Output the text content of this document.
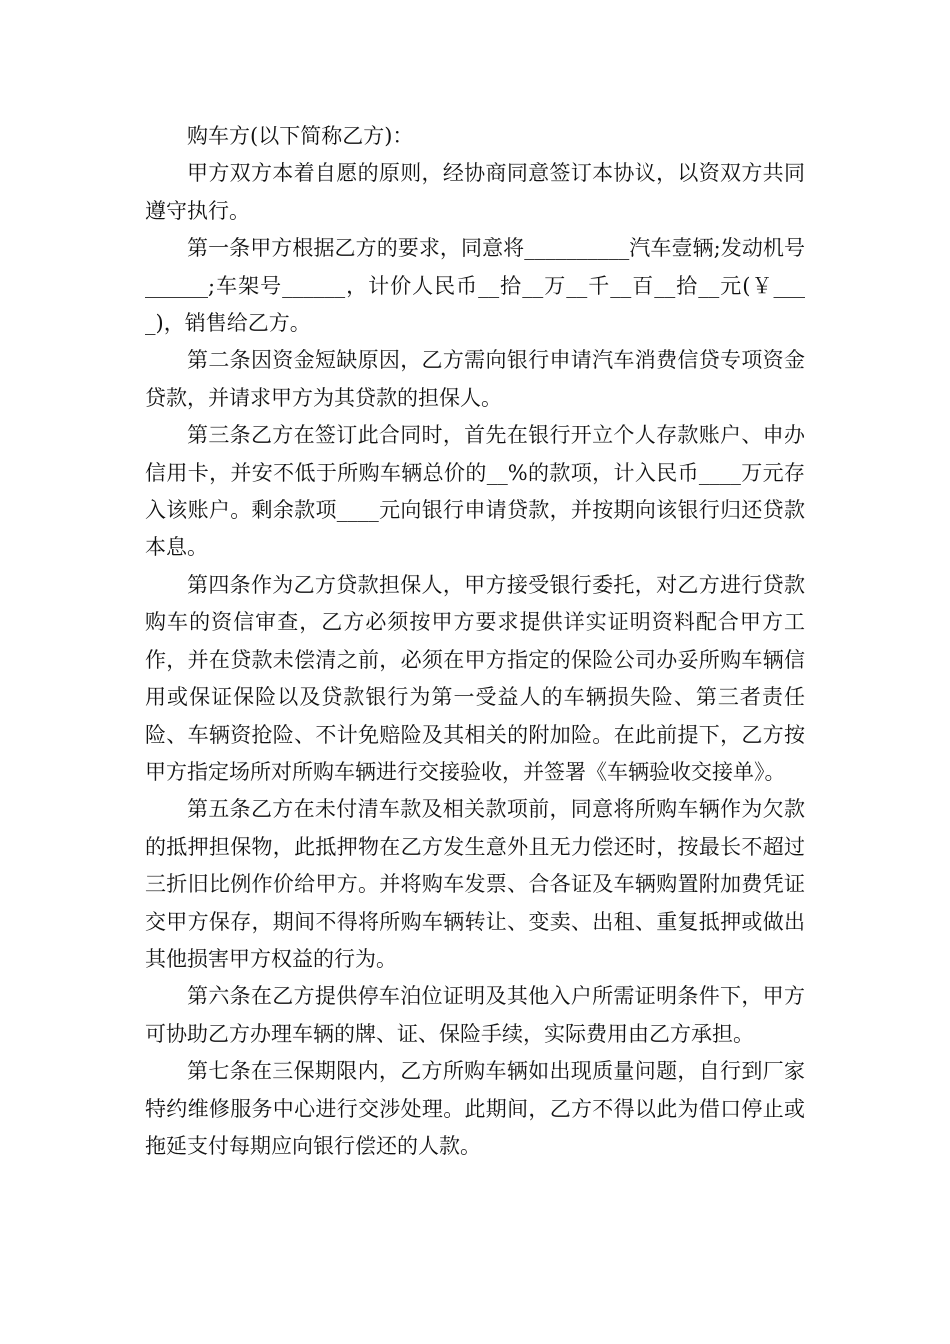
购车方(以下简称乙方)：

甲方双方本着自愿的原则，经协商同意签订本协议，以资双方共同遵守执行。

第一条甲方根据乙方的要求，同意将__________汽车壹辆;发动机号______;车架号______，计价人民币__拾__万__千__百__拾__元(￥____)，销售给乙方。

第二条因资金短缺原因，乙方需向银行申请汽车消费信贷专项资金贷款，并请求甲方为其贷款的担保人。

第三条乙方在签订此合同时，首先在银行开立个人存款账户、申办信用卡，并安不低于所购车辆总价的__%的款项，计入民币____万元存入该账户。剩余款项____元向银行申请贷款，并按期向该银行归还贷款本息。

第四条作为乙方贷款担保人，甲方接受银行委托，对乙方进行贷款购车的资信审查，乙方必须按甲方要求提供详实证明资料配合甲方工作，并在贷款未偿清之前，必须在甲方指定的保险公司办妥所购车辆信用或保证保险以及贷款银行为第一受益人的车辆损失险、第三者责任险、车辆资抢险、不计免赔险及其相关的附加险。在此前提下，乙方按甲方指定场所对所购车辆进行交接验收，并签署《车辆验收交接单》。

第五条乙方在未付清车款及相关款项前，同意将所购车辆作为欠款的抵押担保物，此抵押物在乙方发生意外且无力偿还时，按最长不超过三折旧比例作价给甲方。并将购车发票、合各证及车辆购置附加费凭证交甲方保存，期间不得将所购车辆转让、变卖、出租、重复抵押或做出其他损害甲方权益的行为。

第六条在乙方提供停车泊位证明及其他入户所需证明条件下，甲方可协助乙方办理车辆的牌、证、保险手续，实际费用由乙方承担。

第七条在三保期限内，乙方所购车辆如出现质量问题，自行到厂家特约维修服务中心进行交涉处理。此期间，乙方不得以此为借口停止或拖延支付每期应向银行偿还的人款。
